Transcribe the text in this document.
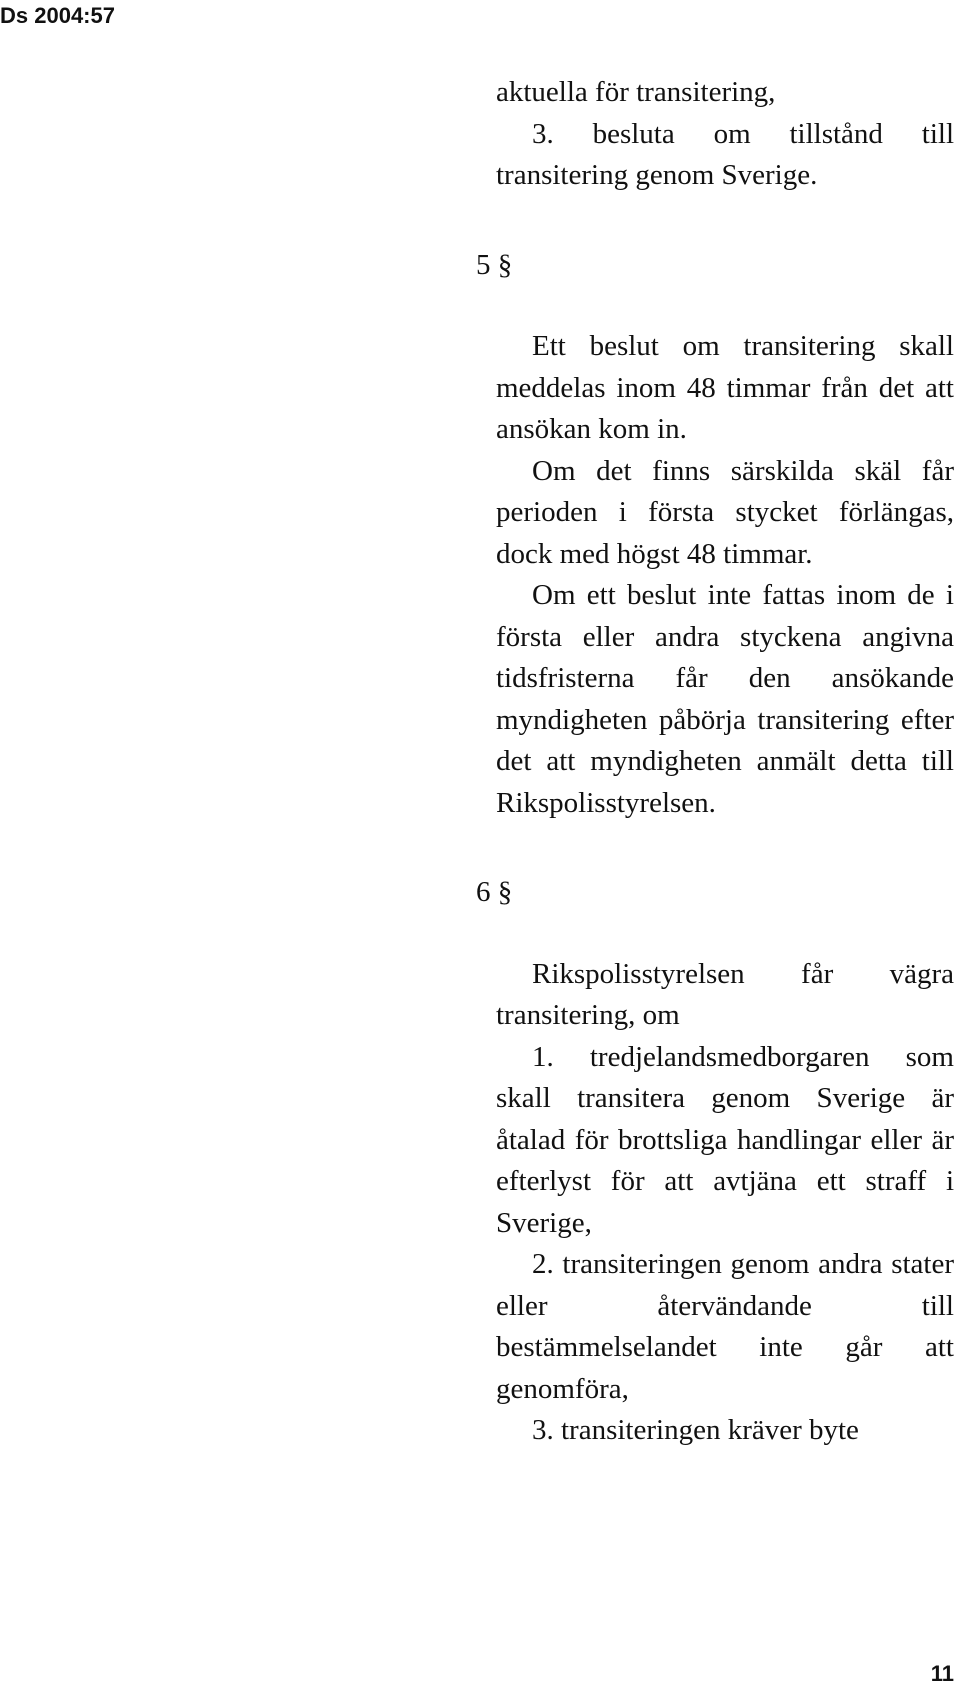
Ds 2004:57

aktuella för transitering,

3. besluta om tillstånd till transitering genom Sverige.

5 §

Ett beslut om transitering skall meddelas inom 48 timmar från det att ansökan kom in.

Om det finns särskilda skäl får perioden i första stycket förlängas, dock med högst 48 timmar.

Om ett beslut inte fattas inom de i första eller andra styckena angivna tidsfristerna får den ansökande myndigheten påbörja transitering efter det att myndigheten anmält detta till Rikspolisstyrelsen.

6 §

Rikspolisstyrelsen får vägra transitering, om

1. tredjelandsmedborgaren som skall transitera genom Sverige är åtalad för brottsliga handlingar eller är efterlyst för att avtjäna ett straff i Sverige,

2. transiteringen genom andra stater eller återvändande till bestämmelselandet inte går att genomföra,

3. transiteringen kräver byte

11
